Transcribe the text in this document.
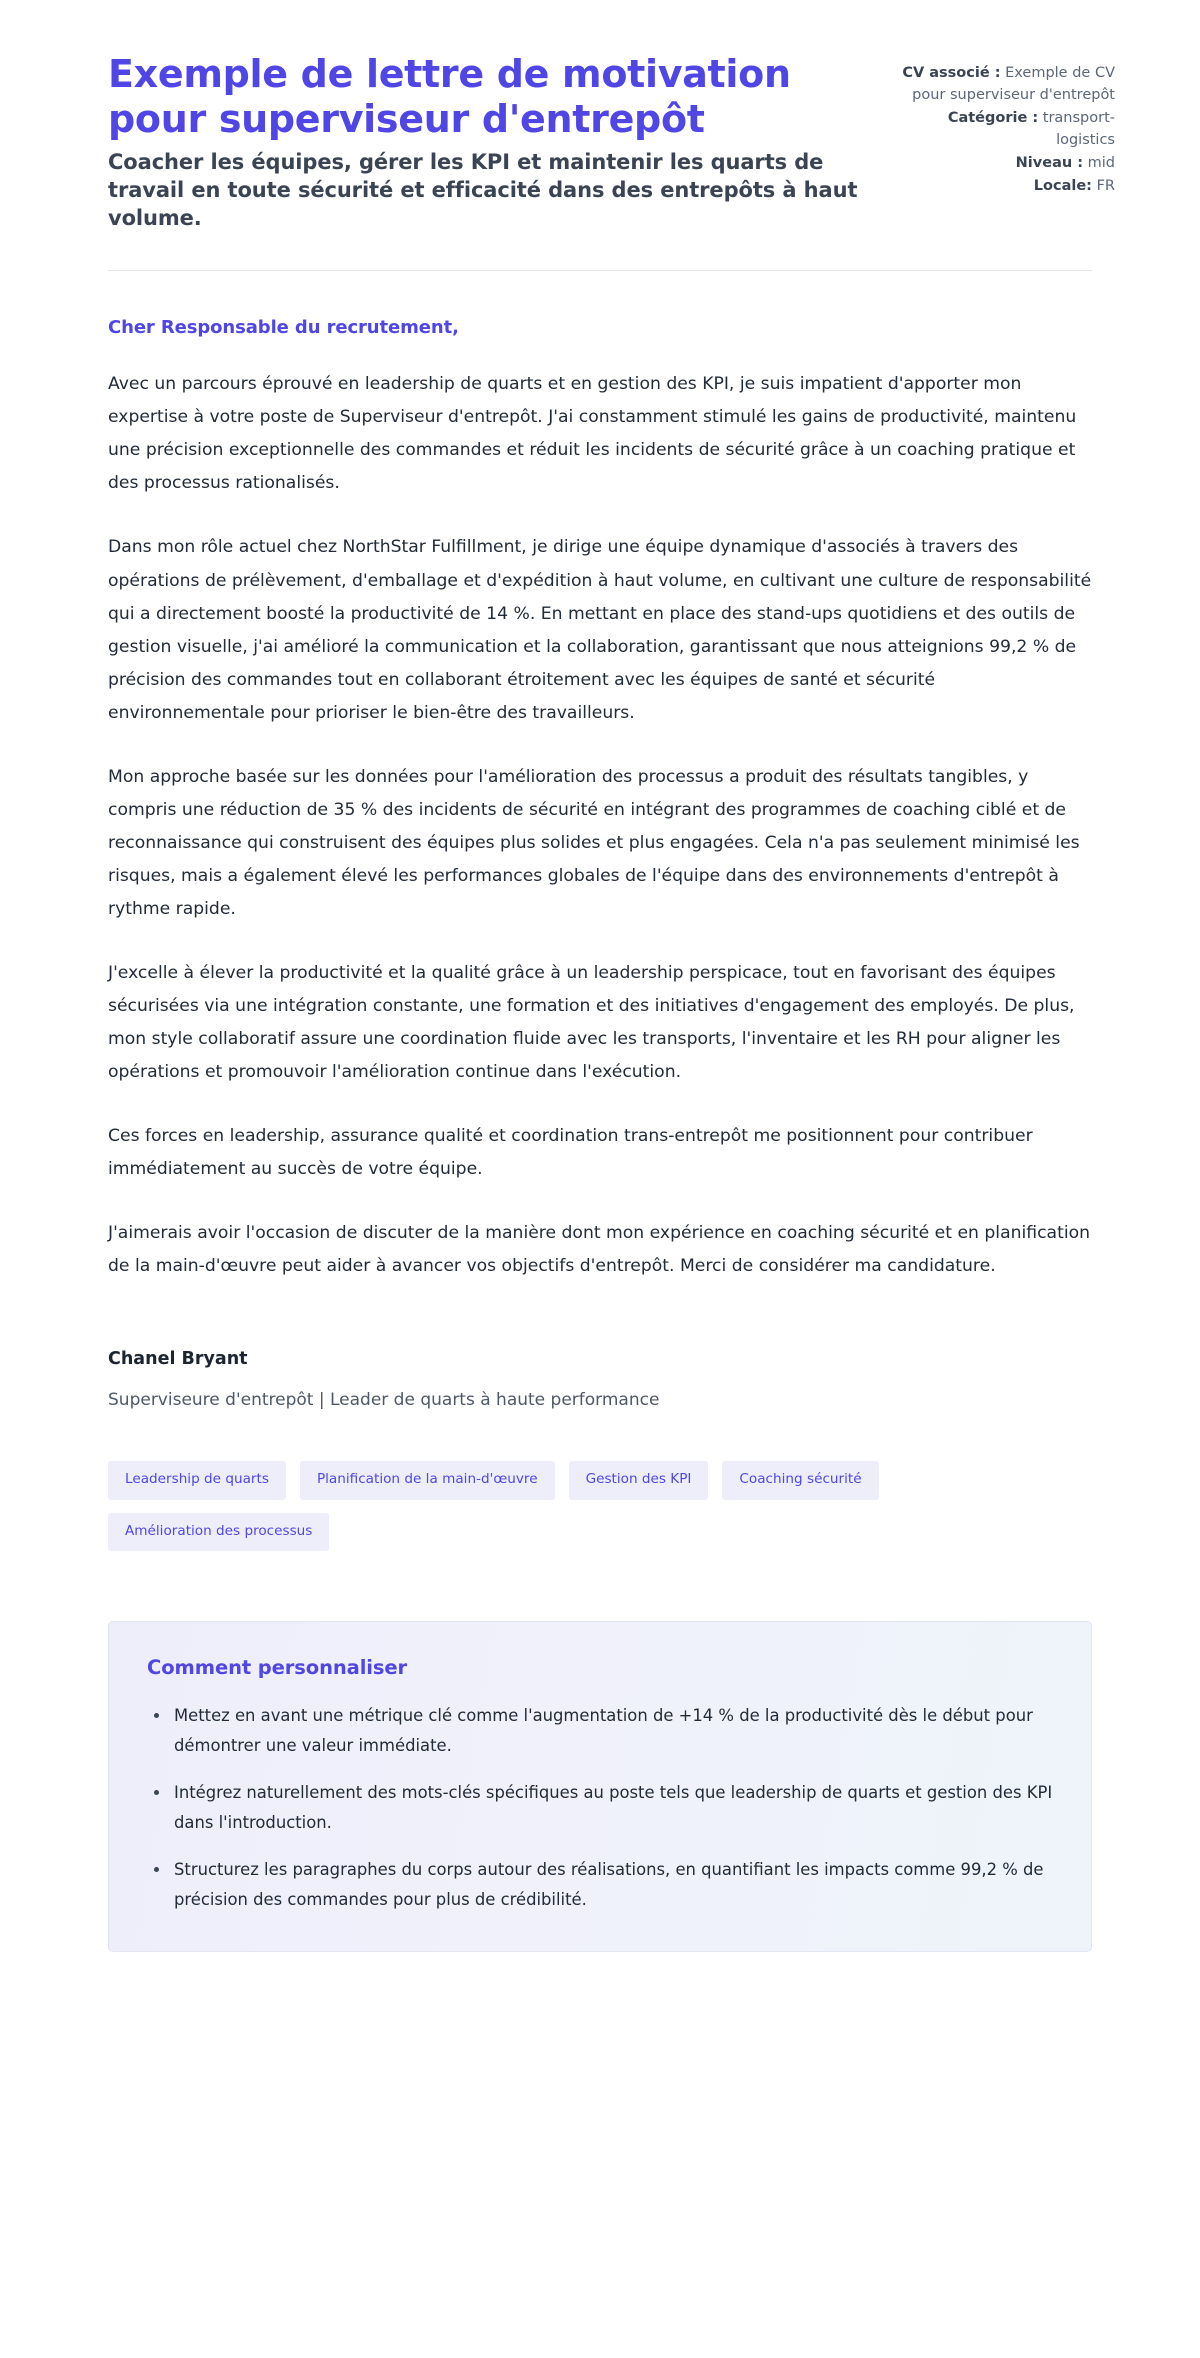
Exemple de lettre de motivation pour superviseur d'entrepôt

Coacher les équipes, gérer les KPI et maintenir les quarts de travail en toute sécurité et efficacité dans des entrepôts à haut volume.

CV associé : Exemple de CV pour superviseur d'entrepôt
Catégorie : transport-logistics
Niveau : mid
Locale: FR

Cher Responsable du recrutement,

Avec un parcours éprouvé en leadership de quarts et en gestion des KPI, je suis impatient d'apporter mon expertise à votre poste de Superviseur d'entrepôt. J'ai constamment stimulé les gains de productivité, maintenu une précision exceptionnelle des commandes et réduit les incidents de sécurité grâce à un coaching pratique et des processus rationalisés.

Dans mon rôle actuel chez NorthStar Fulfillment, je dirige une équipe dynamique d'associés à travers des opérations de prélèvement, d'emballage et d'expédition à haut volume, en cultivant une culture de responsabilité qui a directement boosté la productivité de 14 %. En mettant en place des stand-ups quotidiens et des outils de gestion visuelle, j'ai amélioré la communication et la collaboration, garantissant que nous atteignions 99,2 % de précision des commandes tout en collaborant étroitement avec les équipes de santé et sécurité environnementale pour prioriser le bien-être des travailleurs.

Mon approche basée sur les données pour l'amélioration des processus a produit des résultats tangibles, y compris une réduction de 35 % des incidents de sécurité en intégrant des programmes de coaching ciblé et de reconnaissance qui construisent des équipes plus solides et plus engagées. Cela n'a pas seulement minimisé les risques, mais a également élevé les performances globales de l'équipe dans des environnements d'entrepôt à rythme rapide.

J'excelle à élever la productivité et la qualité grâce à un leadership perspicace, tout en favorisant des équipes sécurisées via une intégration constante, une formation et des initiatives d'engagement des employés. De plus, mon style collaboratif assure une coordination fluide avec les transports, l'inventaire et les RH pour aligner les opérations et promouvoir l'amélioration continue dans l'exécution.

Ces forces en leadership, assurance qualité et coordination trans-entrepôt me positionnent pour contribuer immédiatement au succès de votre équipe.

J'aimerais avoir l'occasion de discuter de la manière dont mon expérience en coaching sécurité et en planification de la main-d'œuvre peut aider à avancer vos objectifs d'entrepôt. Merci de considérer ma candidature.

Chanel Bryant
Superviseure d'entrepôt | Leader de quarts à haute performance
Leadership de quarts	Planification de la main-d'œuvre	Gestion des KPI	Coaching sécurité
Amélioration des processus
Comment personnaliser
Mettez en avant une métrique clé comme l'augmentation de +14 % de la productivité dès le début pour démontrer une valeur immédiate.
Intégrez naturellement des mots-clés spécifiques au poste tels que leadership de quarts et gestion des KPI dans l'introduction.
Structurez les paragraphes du corps autour des réalisations, en quantifiant les impacts comme 99,2 % de précision des commandes pour plus de crédibilité.
